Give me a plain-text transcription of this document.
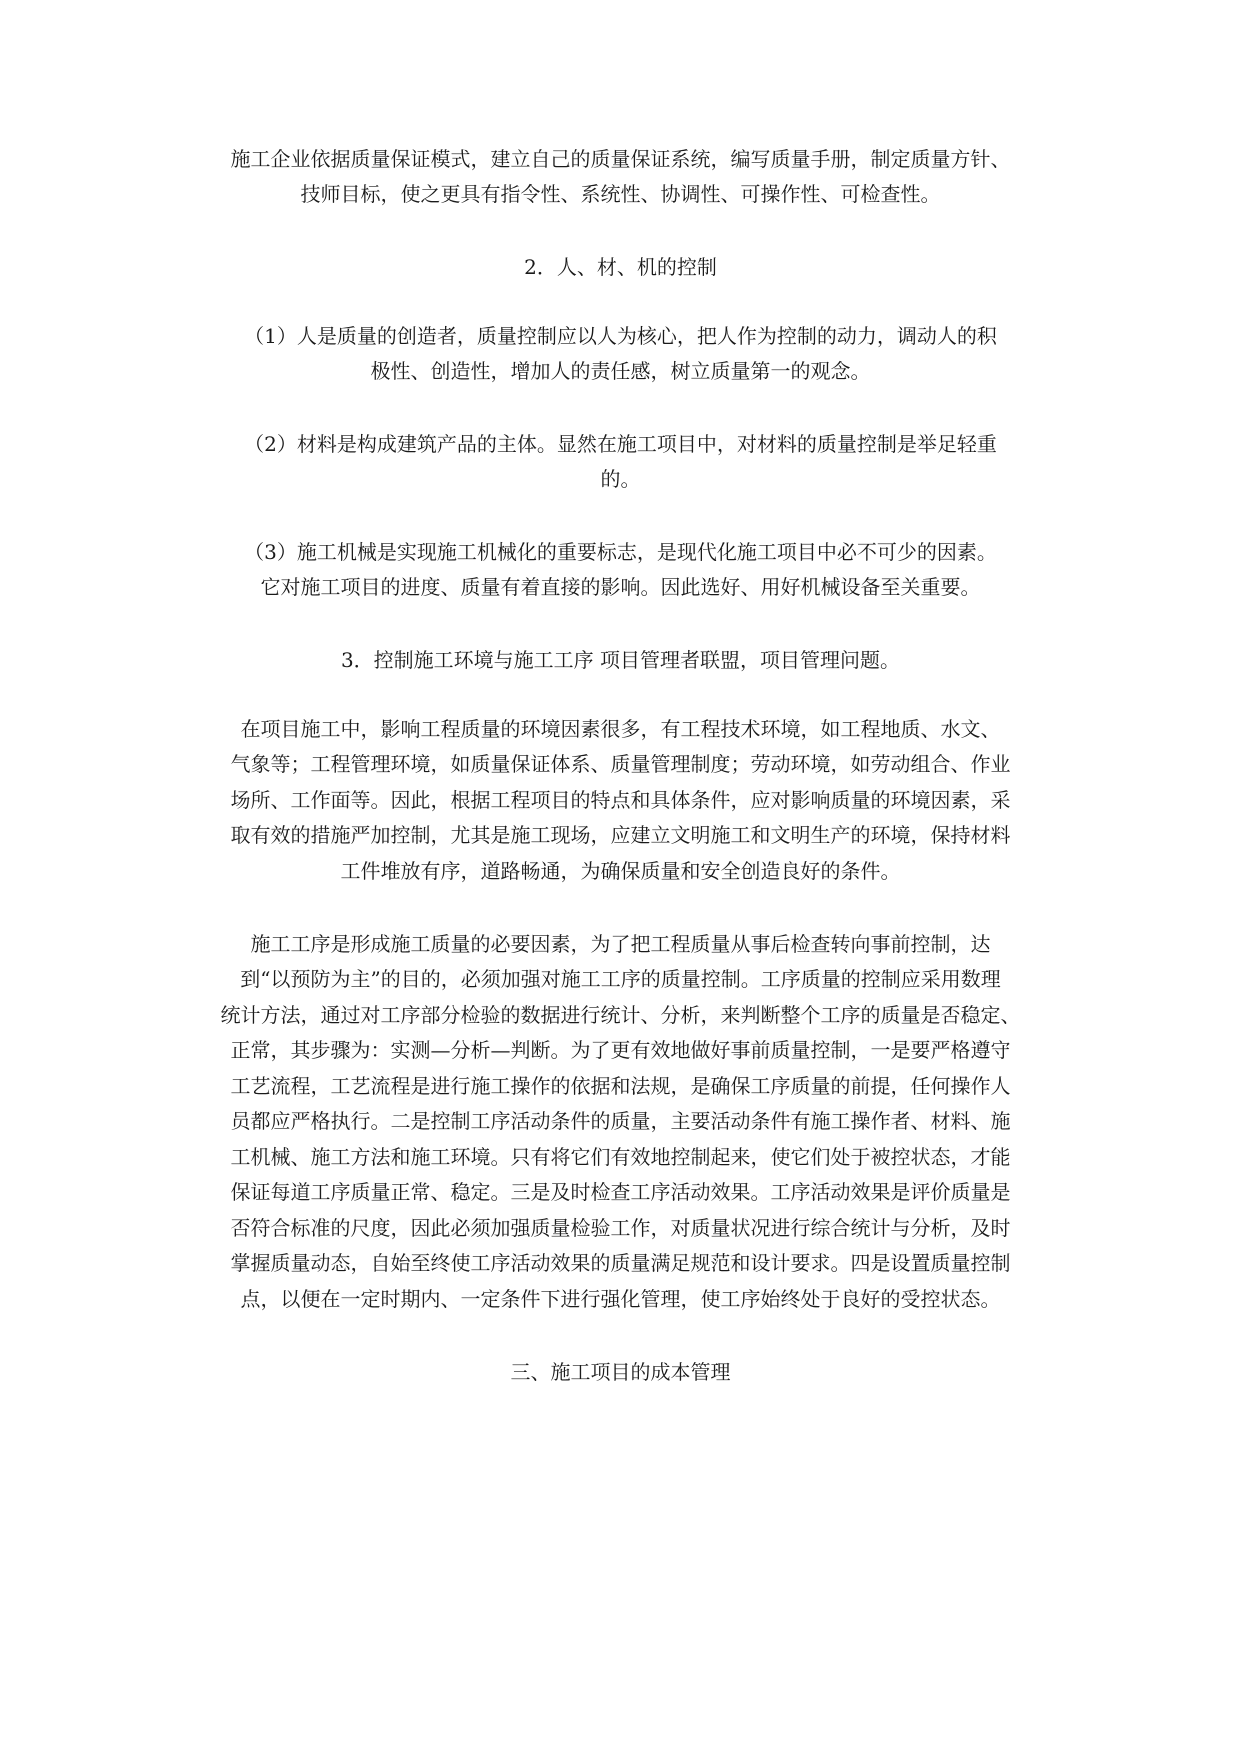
施工企业依据质量保证模式，建立自己的质量保证系统，编写质量手册，制定质量方针、
技师目标，使之更具有指令性、系统性、协调性、可操作性、可检查性。
2．人、材、机的控制
（1）人是质量的创造者，质量控制应以人为核心，把人作为控制的动力，调动人的积
极性、创造性，增加人的责任感，树立质量第一的观念。
（2）材料是构成建筑产品的主体。显然在施工项目中，对材料的质量控制是举足轻重
的。
（3）施工机械是实现施工机械化的重要标志，是现代化施工项目中必不可少的因素。
它对施工项目的进度、质量有着直接的影响。因此选好、用好机械设备至关重要。
3．控制施工环境与施工工序 项目管理者联盟，项目管理问题。
在项目施工中，影响工程质量的环境因素很多，有工程技术环境，如工程地质、水文、
气象等；工程管理环境，如质量保证体系、质量管理制度；劳动环境，如劳动组合、作业
场所、工作面等。因此，根据工程项目的特点和具体条件，应对影响质量的环境因素，采
取有效的措施严加控制，尤其是施工现场，应建立文明施工和文明生产的环境，保持材料
工件堆放有序，道路畅通，为确保质量和安全创造良好的条件。
施工工序是形成施工质量的必要因素，为了把工程质量从事后检查转向事前控制，达
到“以预防为主”的目的，必须加强对施工工序的质量控制。工序质量的控制应采用数理
统计方法，通过对工序部分检验的数据进行统计、分析，来判断整个工序的质量是否稳定、
正常，其步骤为：实测—分析—判断。为了更有效地做好事前质量控制，一是要严格遵守
工艺流程，工艺流程是进行施工操作的依据和法规，是确保工序质量的前提，任何操作人
员都应严格执行。二是控制工序活动条件的质量，主要活动条件有施工操作者、材料、施
工机械、施工方法和施工环境。只有将它们有效地控制起来，使它们处于被控状态，才能
保证每道工序质量正常、稳定。三是及时检查工序活动效果。工序活动效果是评价质量是
否符合标准的尺度，因此必须加强质量检验工作，对质量状况进行综合统计与分析，及时
掌握质量动态，自始至终使工序活动效果的质量满足规范和设计要求。四是设置质量控制
点，以便在一定时期内、一定条件下进行强化管理，使工序始终处于良好的受控状态。
三、施工项目的成本管理
